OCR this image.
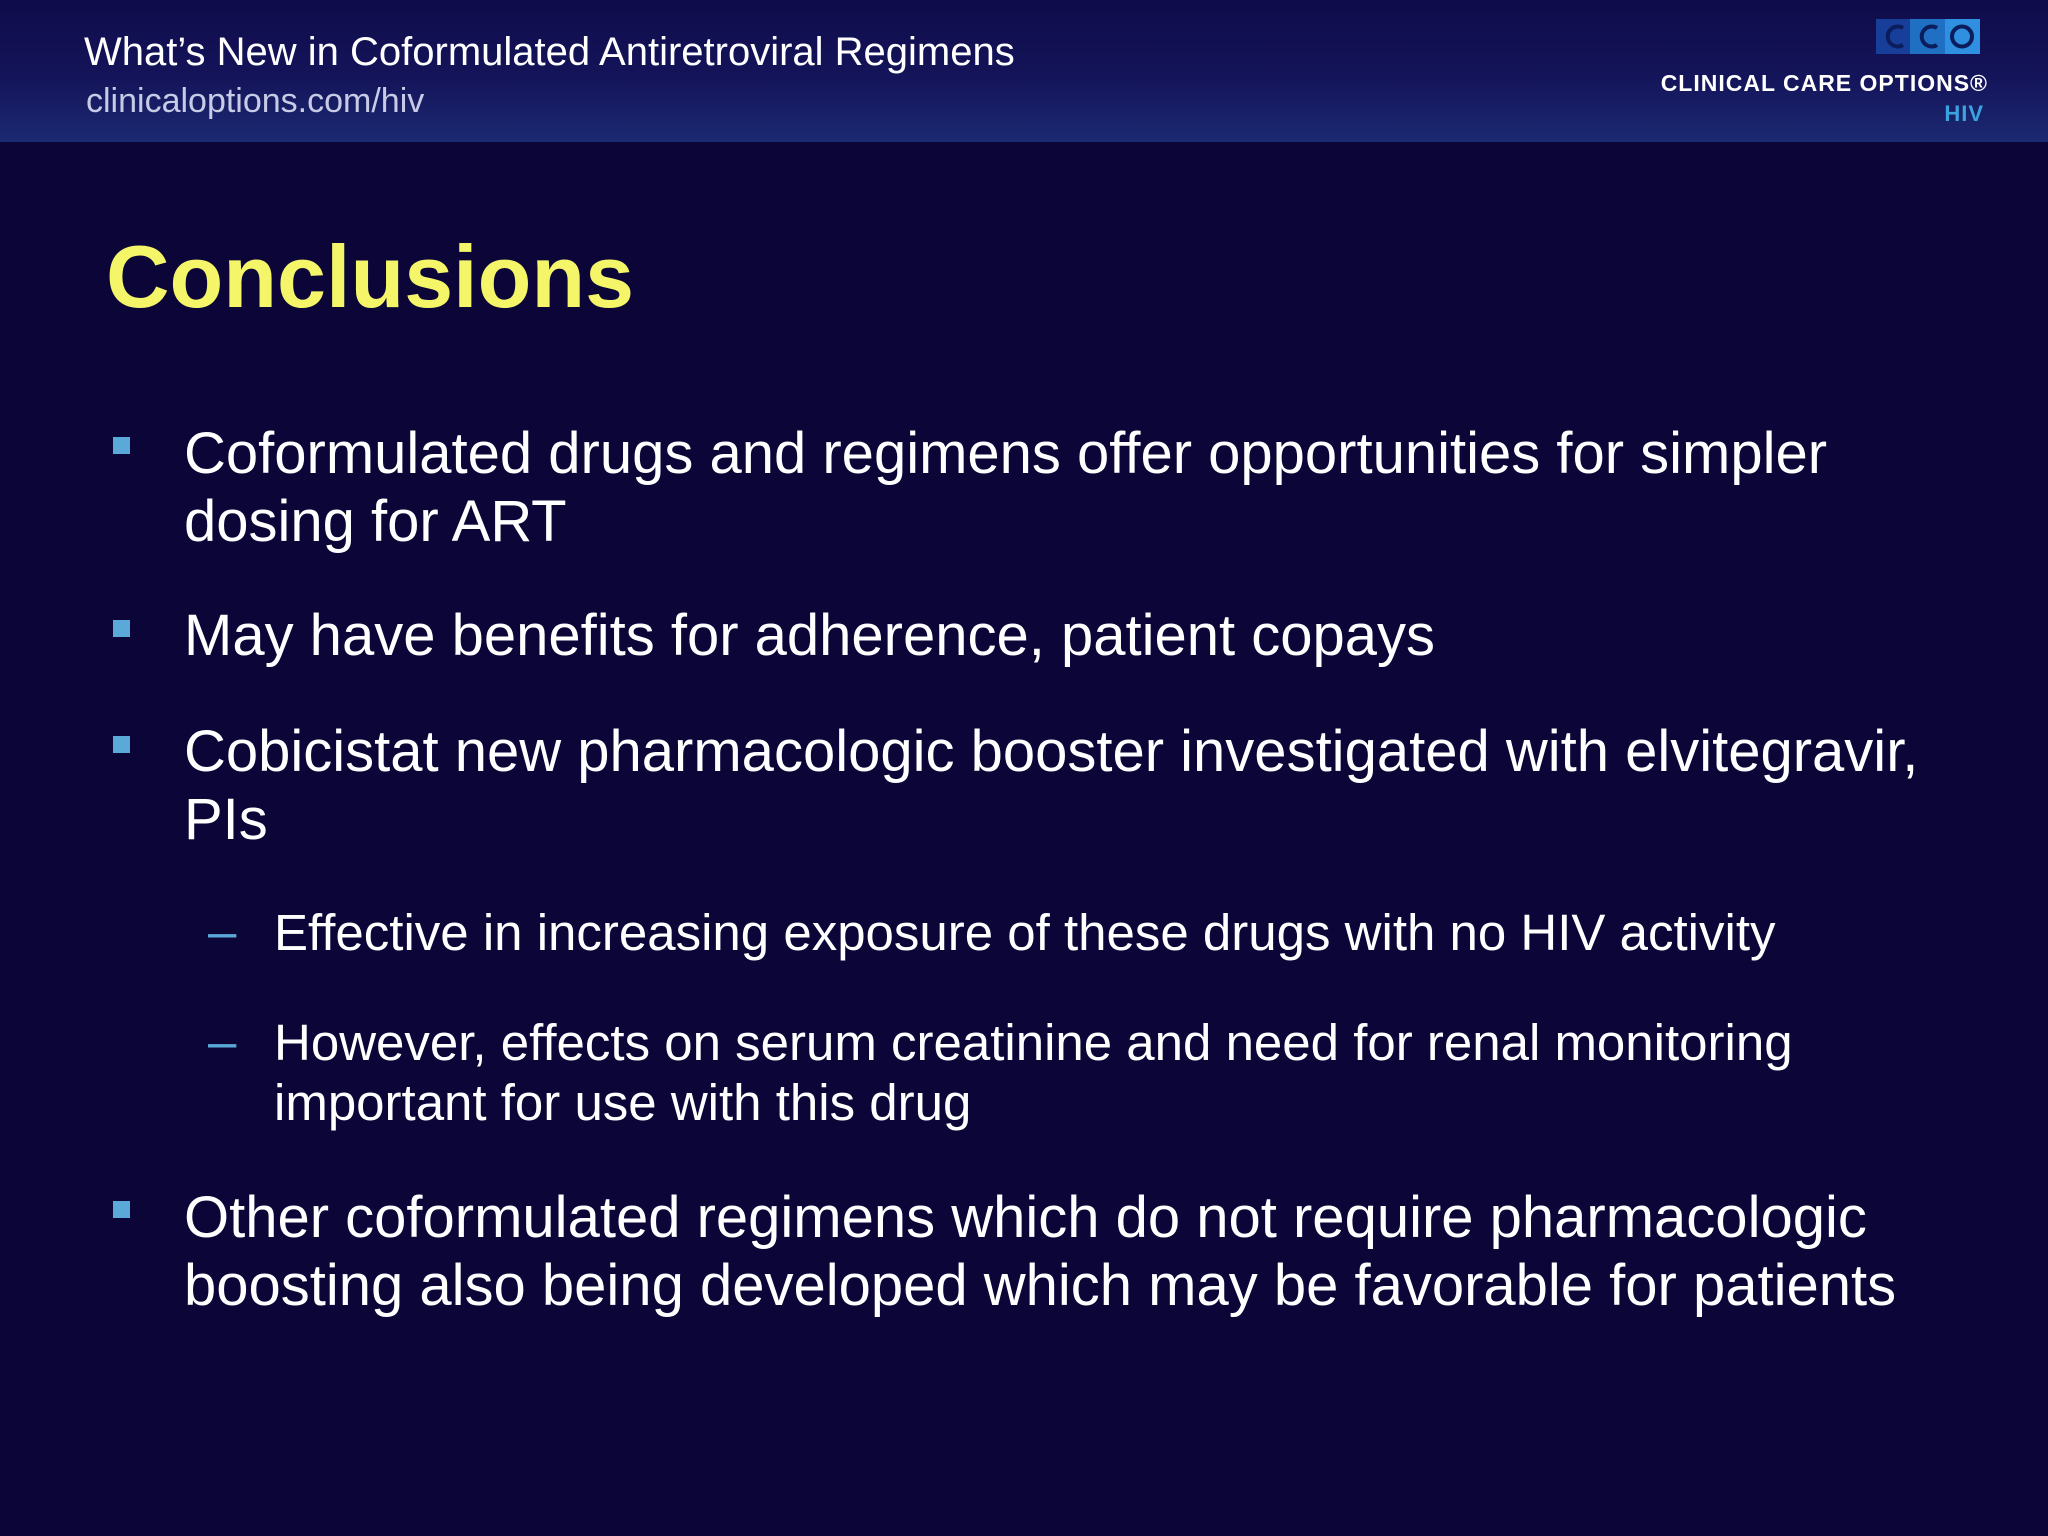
What’s New in Coformulated Antiretroviral Regimens
clinicaloptions.com/hiv	CLINICAL CARE OPTIONS®
HIV
Conclusions
Coformulated drugs and regimens offer opportunities for simpler dosing for ART
May have benefits for adherence, patient copays
Cobicistat new pharmacologic booster investigated with elvitegravir, PIs
– Effective in increasing exposure of these drugs with no HIV activity
– However, effects on serum creatinine and need for renal monitoring important for use with this drug
Other coformulated regimens which do not require pharmacologic boosting also being developed which may be favorable for patients
